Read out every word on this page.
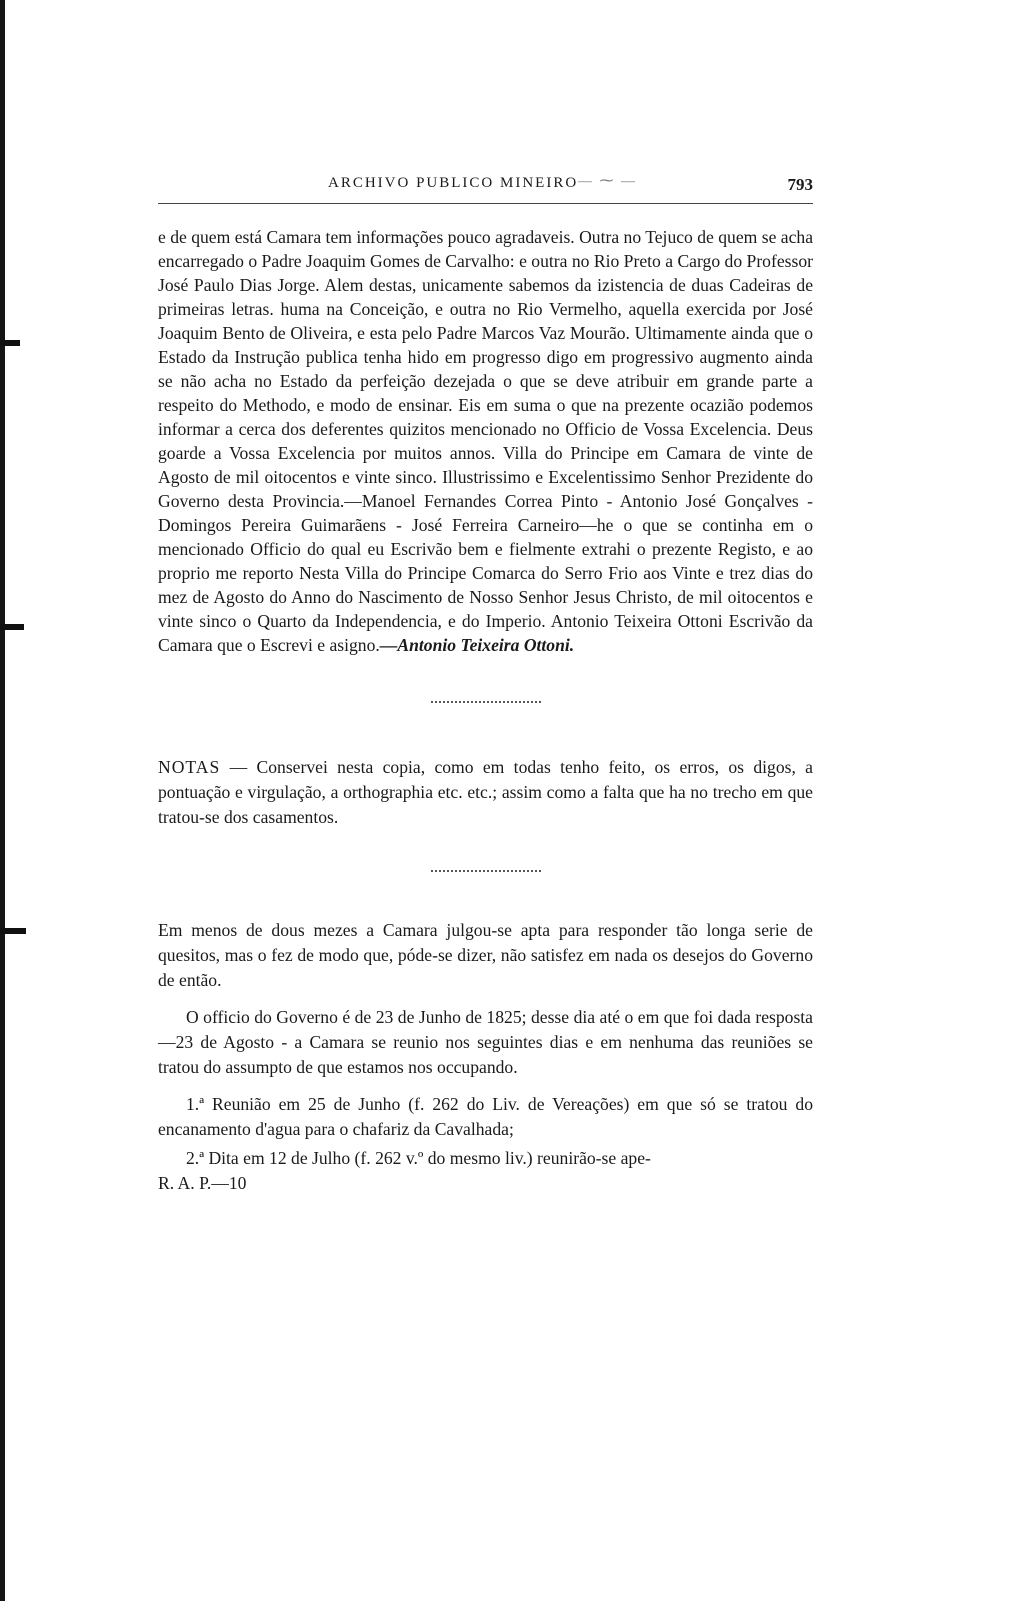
ARCHIVO PUBLICO MINEIRO — ⁓ —	793

e de quem está Camara tem informações pouco agradaveis. Outra no Tejuco de quem se acha encarregado o Padre Joaquim Gomes de Carvalho: e outra no Rio Preto a Cargo do Professor José Paulo Dias Jorge. Alem destas, unicamente sabemos da izistencia de duas Cadeiras de primeiras letras. huma na Conceição, e outra no Rio Vermelho, aquella exercida por José Joaquim Bento de Oliveira, e esta pelo Padre Marcos Vaz Mourão. Ultimamente ainda que o Estado da Instrução publica tenha hido em progresso digo em progressivo augmento ainda se não acha no Estado da perfeição dezejada o que se deve atribuir em grande parte a respeito do Methodo, e modo de ensinar. Eis em suma o que na prezente ocazião podemos informar a cerca dos deferentes quizitos mencionado no Officio de Vossa Excelencia. Deus goarde a Vossa Excelencia por muitos annos. Villa do Principe em Camara de vinte de Agosto de mil oitocentos e vinte sinco. Illustrissimo e Excelentissimo Senhor Prezidente do Governo desta Provincia.—Manoel Fernandes Correa Pinto - Antonio José Gonçalves - Domingos Pereira Guimarãens - José Ferreira Carneiro—he o que se continha em o mencionado Officio do qual eu Escrivão bem e fielmente extrahi o prezente Registo, e ao proprio me reporto Nesta Villa do Principe Comarca do Serro Frio aos Vinte e trez dias do mez de Agosto do Anno do Nascimento de Nosso Senhor Jesus Christo, de mil oitocentos e vinte sinco o Quarto da Independencia, e do Imperio. Antonio Teixeira Ottoni Escrivão da Camara que o Escrevi e asigno.—Antonio Teixeira Ottoni.

NOTAS — Conservei nesta copia, como em todas tenho feito, os erros, os digos, a pontuação e virgulação, a orthographia etc. etc.; assim como a falta que ha no trecho em que tratou-se dos casamentos.

Em menos de dous mezes a Camara julgou-se apta para responder tão longa serie de quesitos, mas o fez de modo que, póde-se dizer, não satisfez em nada os desejos do Governo de então.

O officio do Governo é de 23 de Junho de 1825; desse dia até o em que foi dada resposta—23 de Agosto - a Camara se reunio nos seguintes dias e em nenhuma das reuniões se tratou do assumpto de que estamos nos occupando.

1.ª Reunião em 25 de Junho (f. 262 do Liv. de Vereações) em que só se tratou do encanamento d'agua para o chafariz da Cavalhada;

2.ª Dita em 12 de Julho (f. 262 v.º do mesmo liv.) reunirão-se ape-

R. A. P.—10
